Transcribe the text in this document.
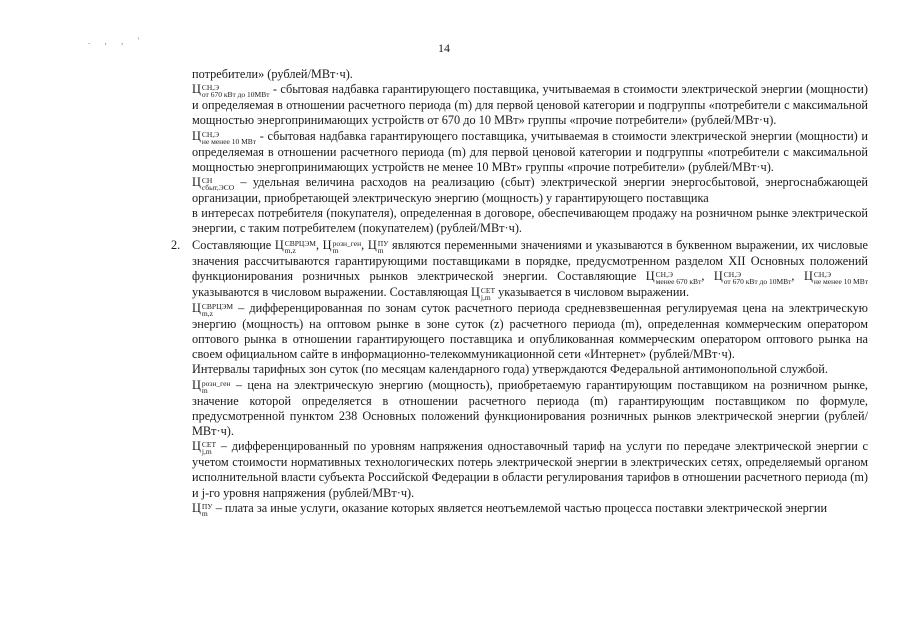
. , , '	14

потребители» (рублей/МВт·ч).

Ц СН,Э
от 670 кВт до 10МВт - сбытовая надбавка гарантирующего поставщика, учитываемая в стоимости электрической энергии (мощности) и определяемая в отношении расчетного периода (m) для первой ценовой категории и подгруппы «потребители с максимальной мощностью энергопринимающих устройств от 670 до 10 МВт» группы «прочие потребители» (рублей/МВт·ч).

Ц СН,Э
не менее 10 МВт - сбытовая надбавка гарантирующего поставщика, учитываемая в стоимости электрической энергии (мощности) и определяемая в отношении расчетного периода (m) для первой ценовой категории и подгруппы «потребители с максимальной мощностью энергопринимающих устройств не менее 10 МВт» группы «прочие потребители» (рублей/МВт·ч).

Ц СН
сбыт,ЭСО – удельная величина расходов на реализацию (сбыт) электрической энергии энергосбытовой, энергоснабжающей организации, приобретающей электрическую энергию (мощность) у гарантирующего поставщика

в интересах потребителя (покупателя), определенная в договоре, обеспечивающем продажу на розничном рынке электрической энергии, с таким потребителем (покупателем) (рублей/МВт·ч).

2. Составляющие Ц СВРЦЭМ
m,z	, Ц розн_ген
m	, Ц ПУ
m являются переменными значениями и указываются в буквенном выражении, их числовые значения рассчитываются гарантирующими поставщиками в порядке, предусмотренном разделом XII Основных положений функционирования розничных рынков электрической энергии. Составляющие Ц СН,Э
менее 670 кВт , Ц СН,Э
от 670 кВт до 10МВт , Ц СН,Э
не менее 10 МВт
указываются в числовом выражении. Составляющая Ц СЕТ
j,m указывается в числовом выражении.

Ц СВРЦЭМ
m,z	– дифференцированная по зонам суток расчетного периода средневзвешенная регулируемая цена на электрическую энергию (мощность) на оптовом рынке в зоне суток (z) расчетного периода (m), определенная коммерческим оператором оптового рынка в отношении гарантирующего поставщика и опубликованная коммерческим оператором оптового рынка на своем официальном сайте в информационно-телекоммуникационной сети «Интернет» (рублей/МВт·ч).

Интервалы тарифных зон суток (по месяцам календарного года) утверждаются Федеральной антимонопольной службой.

Ц розн_ген
m	– цена на электрическую энергию (мощность), приобретаемую гарантирующим поставщиком на розничном рынке, значение которой определяется в отношении расчетного периода (m) гарантирующим поставщиком по формуле, предусмотренной пунктом 238 Основных положений функционирования розничных рынков электрической энергии (рублей/МВт·ч).

Ц СЕТ
j,m – дифференцированный по уровням напряжения одноставочный тариф на услуги по передаче электрической энергии с учетом стоимости нормативных технологических потерь электрической энергии в электрических сетях, определяемый органом исполнительной власти субъекта Российской Федерации в области регулирования тарифов в отношении расчетного периода (m) и j-го уровня напряжения (рублей/МВт·ч).

Ц ПУ
m – плата за иные услуги, оказание которых является неотъемлемой частью процесса поставки электрической энергии
